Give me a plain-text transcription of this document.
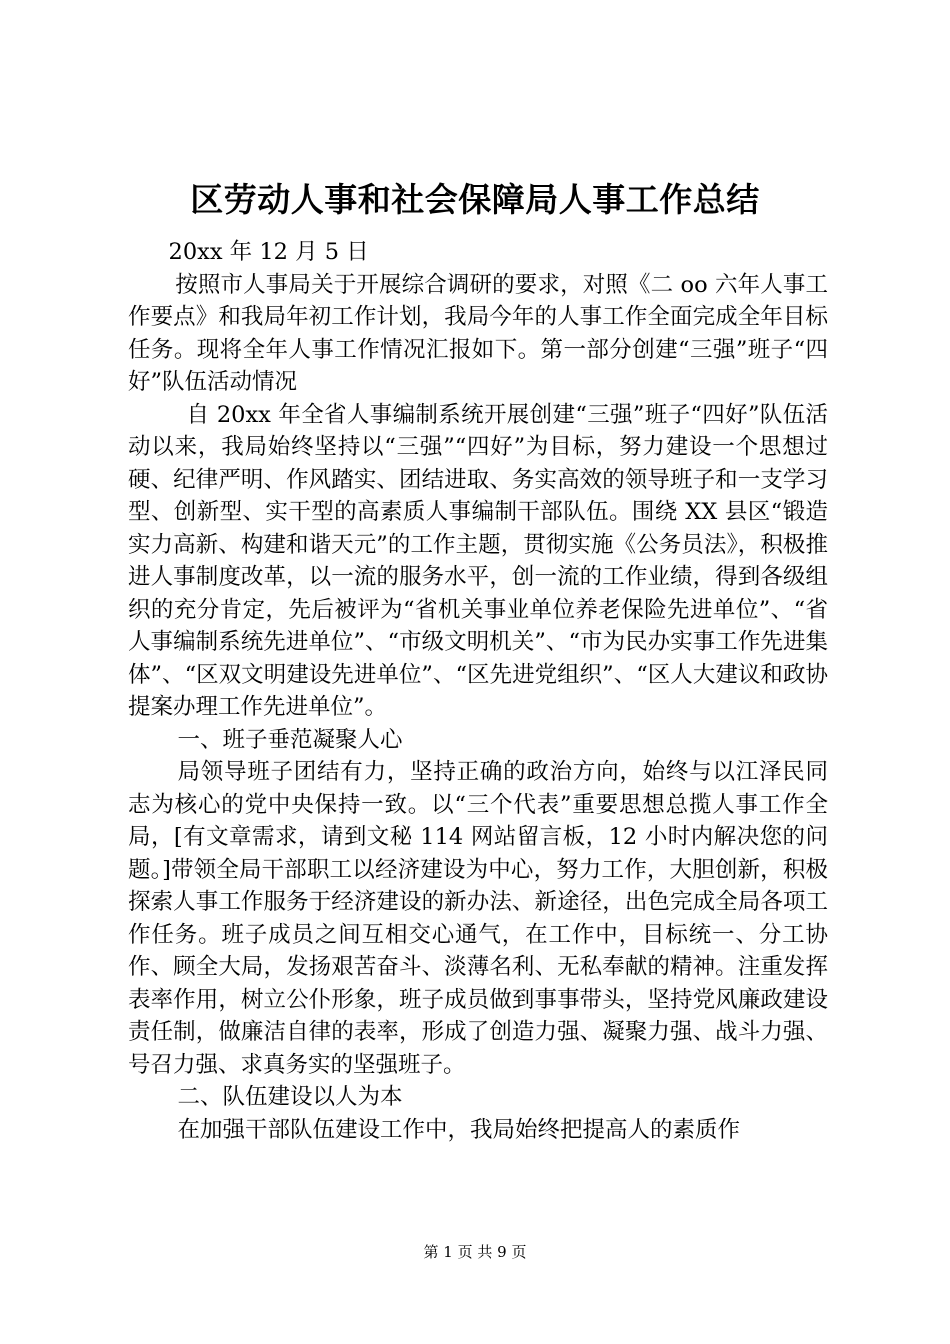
区劳动人事和社会保障局人事工作总结

20xx 年 12 月 5 日

按照市人事局关于开展综合调研的要求，对照《二 oo 六年人事工作要点》和我局年初工作计划，我局今年的人事工作全面完成全年目标任务。现将全年人事工作情况汇报如下。第一部分创建“三强”班子“四好”队伍活动情况

自 20xx 年全省人事编制系统开展创建“三强”班子“四好”队伍活动以来，我局始终坚持以“三强”“四好”为目标，努力建设一个思想过硬、纪律严明、作风踏实、团结进取、务实高效的领导班子和一支学习型、创新型、实干型的高素质人事编制干部队伍。围绕 XX 县区“锻造实力高新、构建和谐天元”的工作主题，贯彻实施《公务员法》，积极推进人事制度改革，以一流的服务水平，创一流的工作业绩，得到各级组织的充分肯定，先后被评为“省机关事业单位养老保险先进单位”、“省人事编制系统先进单位”、“市级文明机关”、“市为民办实事工作先进集体”、“区双文明建设先进单位”、“区先进党组织”、“区人大建议和政协提案办理工作先进单位”。

一、班子垂范凝聚人心

局领导班子团结有力，坚持正确的政治方向，始终与以江泽民同志为核心的党中央保持一致。以“三个代表”重要思想总揽人事工作全局，[有文章需求，请到文秘 114 网站留言板，12 小时内解决您的问题。]带领全局干部职工以经济建设为中心，努力工作，大胆创新，积极探索人事工作服务于经济建设的新办法、新途径，出色完成全局各项工作任务。班子成员之间互相交心通气，在工作中，目标统一、分工协作、顾全大局，发扬艰苦奋斗、淡薄名利、无私奉献的精神。注重发挥表率作用，树立公仆形象，班子成员做到事事带头，坚持党风廉政建设责任制，做廉洁自律的表率，形成了创造力强、凝聚力强、战斗力强、号召力强、求真务实的坚强班子。

二、队伍建设以人为本

在加强干部队伍建设工作中，我局始终把提高人的素质作

第 1 页 共 9 页
